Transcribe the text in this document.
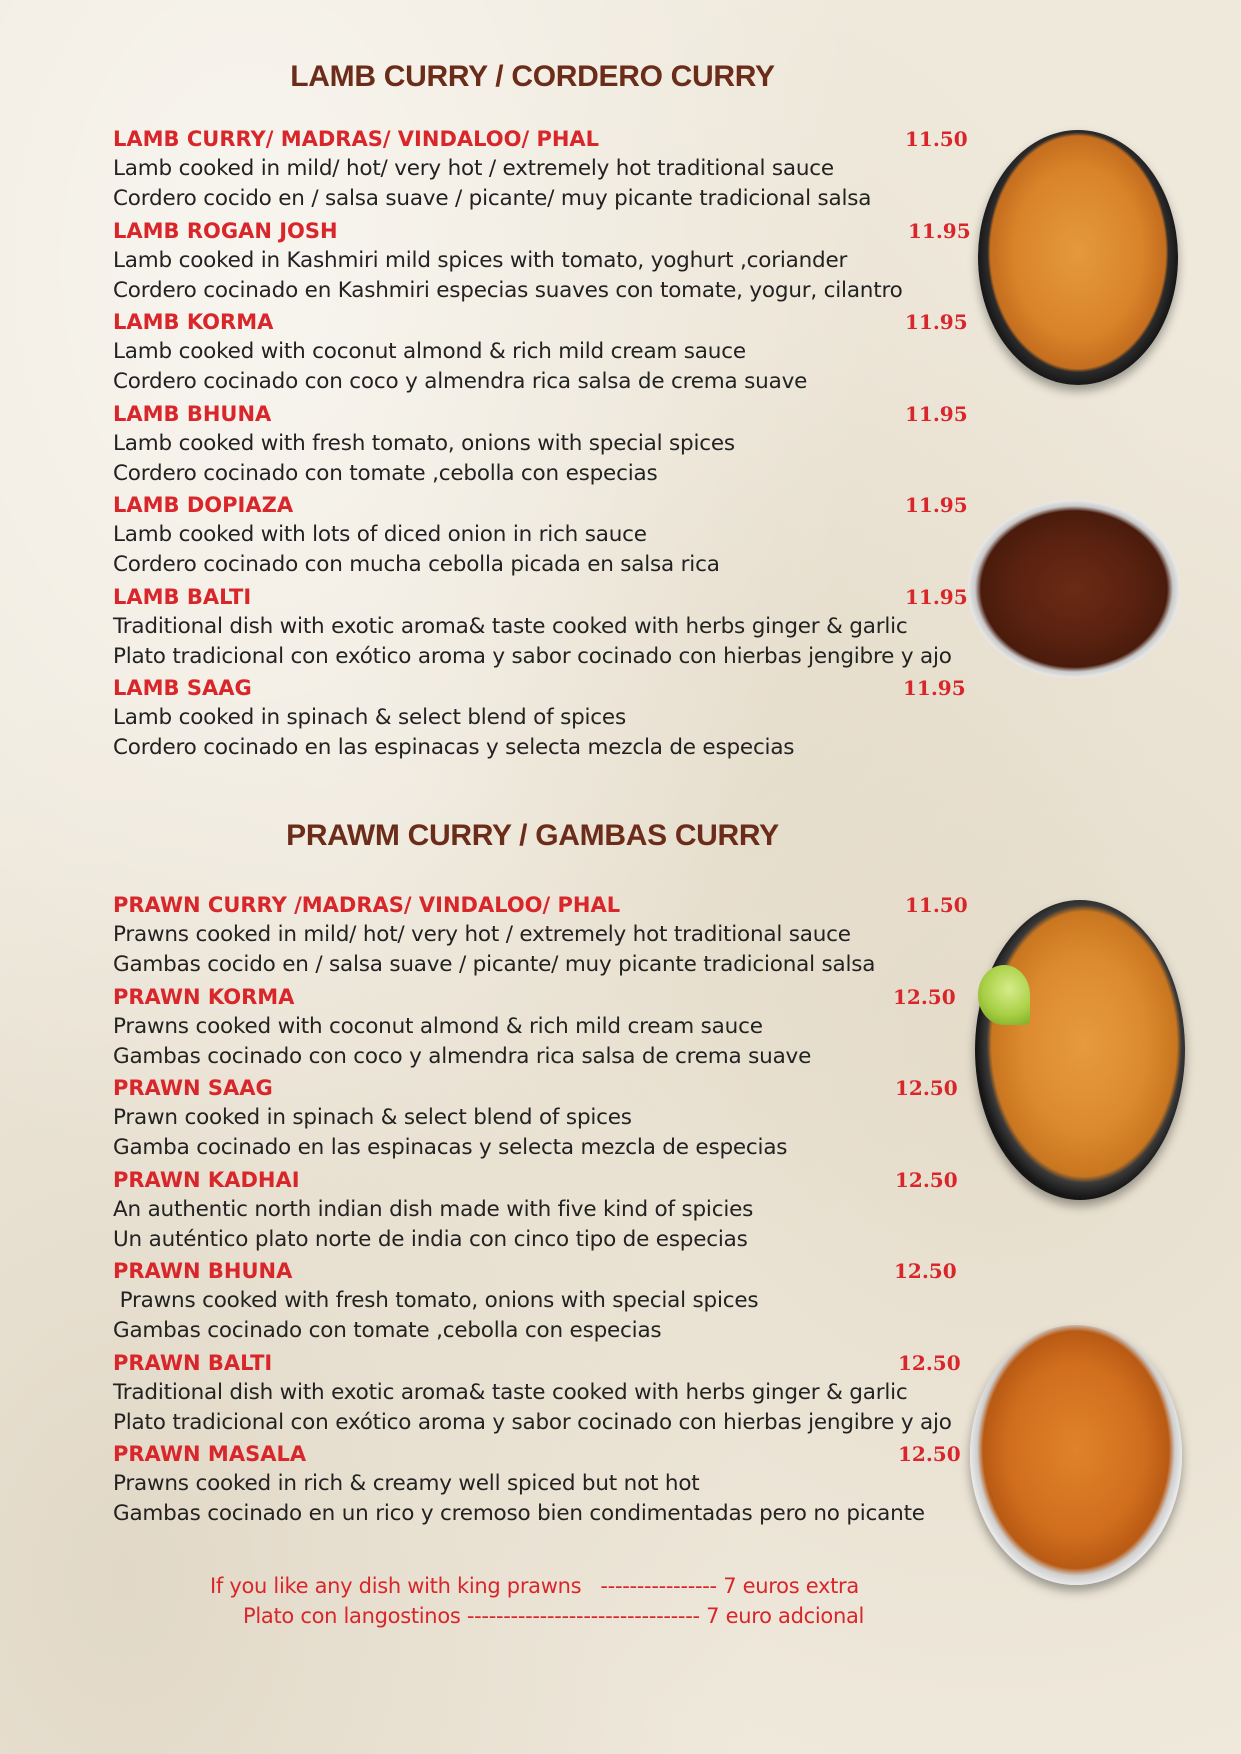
LAMB CURRY / CORDERO CURRY
LAMB CURRY/ MADRAS/ VINDALOO/ PHAL	11.50
Lamb cooked in mild/ hot/ very hot / extremely hot traditional sauce
Cordero cocido en / salsa suave / picante/ muy picante tradicional salsa
LAMB ROGAN JOSH	11.95
Lamb cooked in Kashmiri mild spices with tomato, yoghurt ,coriander
Cordero cocinado en Kashmiri especias suaves con tomate, yogur, cilantro
LAMB KORMA	11.95
Lamb cooked with coconut almond & rich mild cream sauce
Cordero cocinado con coco y almendra rica salsa de crema suave
LAMB BHUNA	11.95
Lamb cooked with fresh tomato, onions with special spices
Cordero cocinado con tomate ,cebolla con especias
LAMB DOPIAZA	11.95
Lamb cooked with lots of diced onion in rich sauce
Cordero cocinado con mucha cebolla picada en salsa rica
LAMB BALTI	11.95
Traditional dish with exotic aroma& taste cooked with herbs ginger & garlic
Plato tradicional con exótico aroma y sabor cocinado con hierbas jengibre y ajo
LAMB SAAG	11.95
Lamb cooked in spinach & select blend of spices
Cordero cocinado en las espinacas y selecta mezcla de especias
PRAWM CURRY / GAMBAS CURRY
PRAWN CURRY /MADRAS/ VINDALOO/ PHAL	11.50
Prawns cooked in mild/ hot/ very hot / extremely hot traditional sauce
Gambas cocido en / salsa suave / picante/ muy picante tradicional salsa
PRAWN KORMA	12.50
Prawns cooked with coconut almond & rich mild cream sauce
Gambas cocinado con coco y almendra rica salsa de crema suave
PRAWN SAAG	12.50
Prawn cooked in spinach & select blend of spices
Gamba cocinado en las espinacas y selecta mezcla de especias
PRAWN KADHAI	12.50
An authentic north indian dish made with five kind of spicies
Un auténtico plato norte de india con cinco tipo de especias
PRAWN BHUNA	12.50
Prawns cooked with fresh tomato, onions with special spices
Gambas cocinado con tomate ,cebolla con especias
PRAWN BALTI	12.50
Traditional dish with exotic aroma& taste cooked with herbs ginger & garlic
Plato tradicional con exótico aroma y sabor cocinado con hierbas jengibre y ajo
PRAWN MASALA	12.50
Prawns cooked in rich & creamy well spiced but not hot
Gambas cocinado en un rico y cremoso bien condimentadas pero no picante
If you like any dish with king prawns   ---------------- 7 euros extra
Plato con langostinos -------------------------------- 7 euro adcional
